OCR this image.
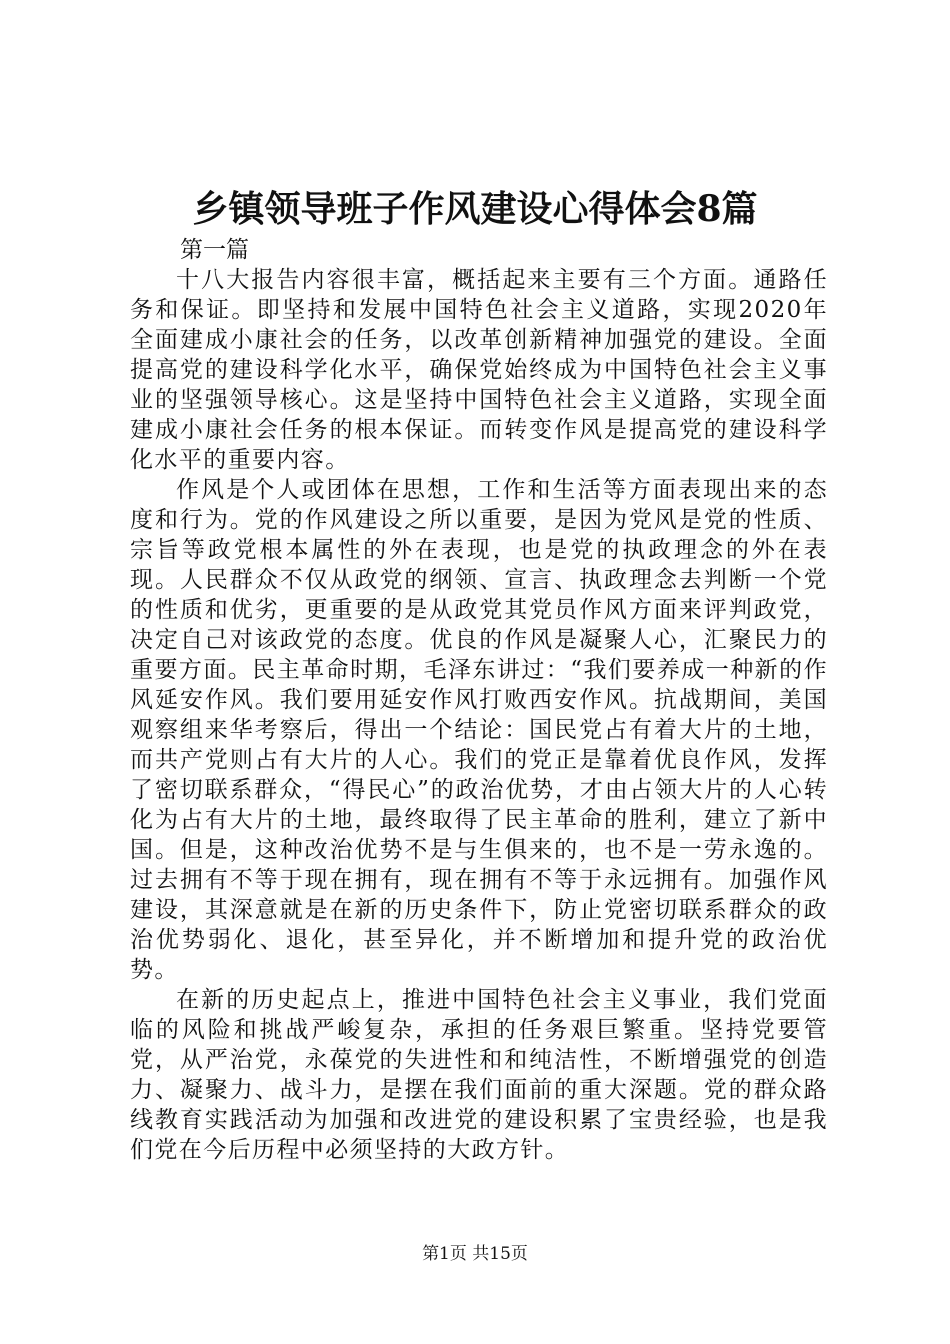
乡镇领导班子作风建设心得体会8篇

第一篇

十八大报告内容很丰富，概括起来主要有三个方面。通路任务和保证。即坚持和发展中国特色社会主义道路，实现2020年全面建成小康社会的任务，以改革创新精神加强党的建设。全面提高党的建设科学化水平，确保党始终成为中国特色社会主义事业的坚强领导核心。这是坚持中国特色社会主义道路，实现全面建成小康社会任务的根本保证。而转变作风是提高党的建设科学化水平的重要内容。

作风是个人或团体在思想，工作和生活等方面表现出来的态度和行为。党的作风建设之所以重要，是因为党风是党的性质、宗旨等政党根本属性的外在表现，也是党的执政理念的外在表现。人民群众不仅从政党的纲领、宣言、执政理念去判断一个党的性质和优劣，更重要的是从政党其党员作风方面来评判政党，决定自己对该政党的态度。优良的作风是凝聚人心，汇聚民力的重要方面。民主革命时期，毛泽东讲过：“我们要养成一种新的作风延安作风。我们要用延安作风打败西安作风。抗战期间，美国观察组来华考察后，得出一个结论：国民党占有着大片的土地，而共产党则占有大片的人心。我们的党正是靠着优良作风，发挥了密切联系群众，“得民心”的政治优势，才由占领大片的人心转化为占有大片的土地，最终取得了民主革命的胜利，建立了新中国。但是，这种改治优势不是与生俱来的，也不是一劳永逸的。过去拥有不等于现在拥有，现在拥有不等于永远拥有。加强作风建设，其深意就是在新的历史条件下，防止党密切联系群众的政治优势弱化、退化，甚至异化，并不断增加和提升党的政治优势。

在新的历史起点上，推进中国特色社会主义事业，我们党面临的风险和挑战严峻复杂，承担的任务艰巨繁重。坚持党要管党，从严治党，永葆党的失进性和和纯洁性，不断增强党的创造力、凝聚力、战斗力，是摆在我们面前的重大深题。党的群众路线教育实践活动为加强和改进党的建设积累了宝贵经验，也是我们党在今后历程中必须坚持的大政方针。

第1页 共15页
